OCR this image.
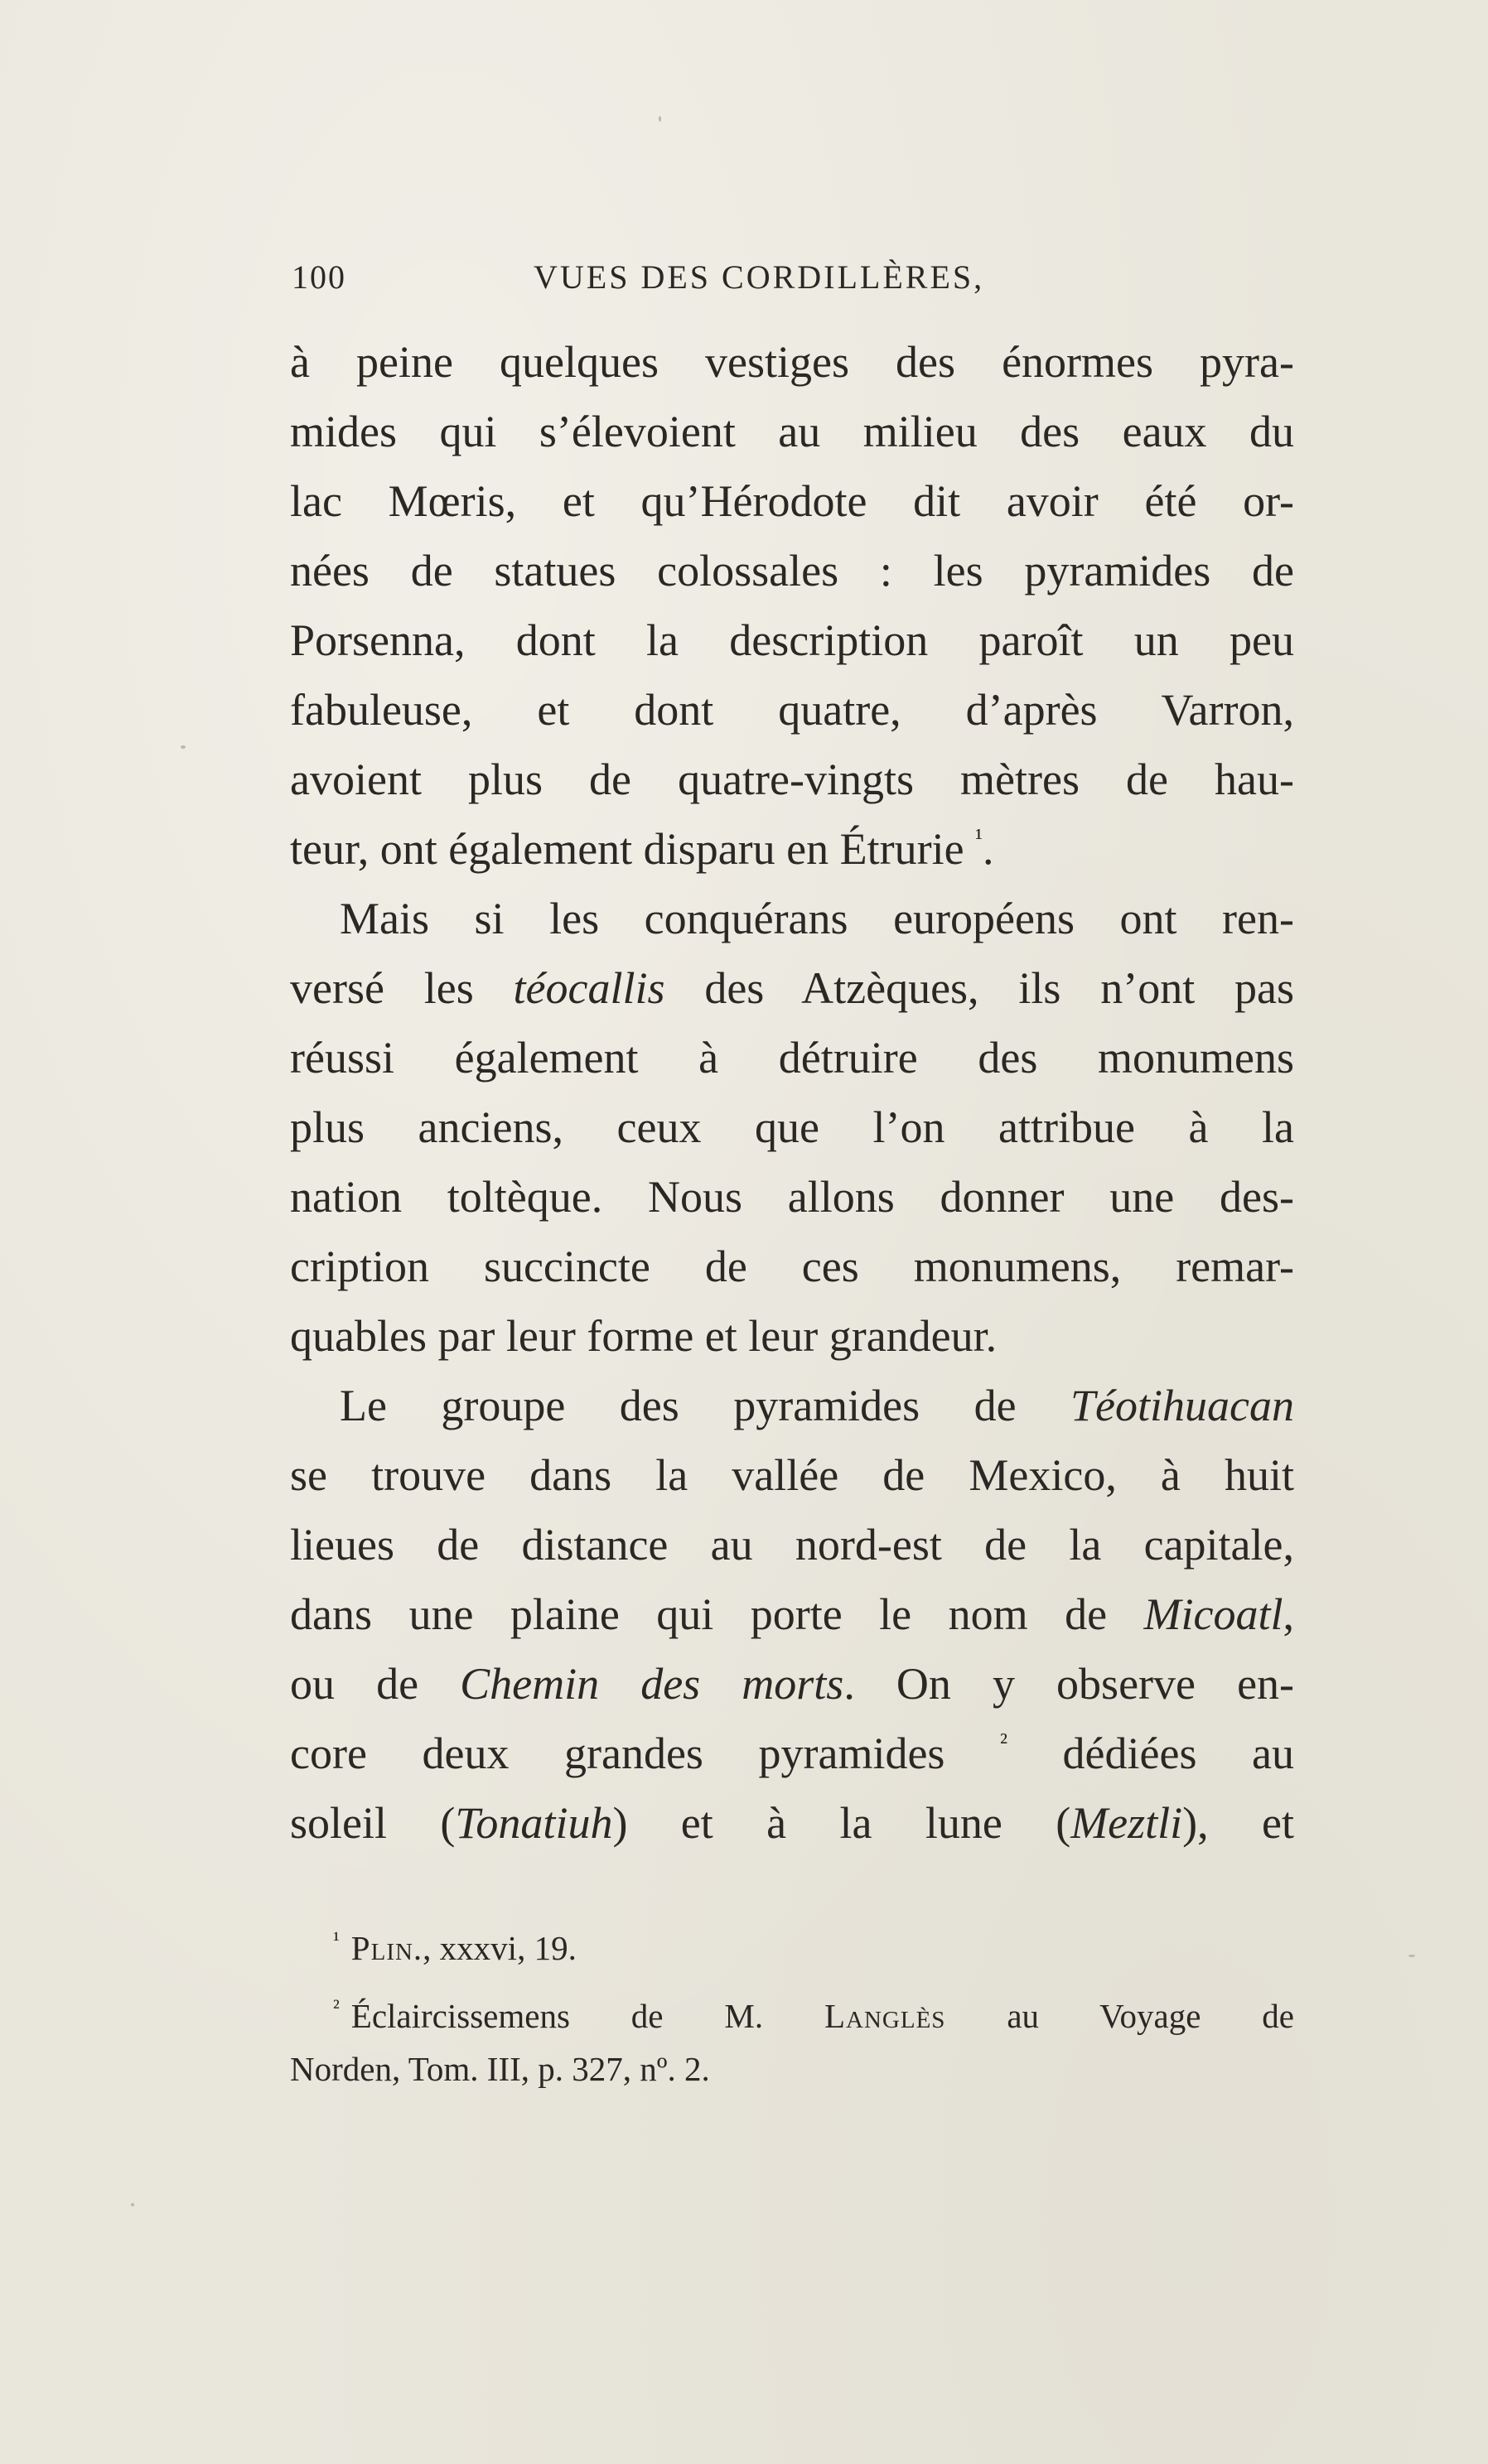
100	VUES DES CORDILLÈRES,
à peine quelques vestiges des énormes pyra-
mides qui s’élevoient au milieu des eaux du
lac Mœris, et qu’Hérodote dit avoir été or-
nées de statues colossales : les pyramides de
Porsenna, dont la description paroît un peu
fabuleuse, et dont quatre, d’après Varron,
avoient plus de quatre-vingts mètres de hau-
teur, ont également disparu en Étrurie $^{^1}$.
Mais si les conquérans européens ont ren-
versé les téocallis des Atzèques, ils n’ont pas
réussi également à détruire des monumens
plus anciens, ceux que l’on attribue à la
nation toltèque. Nous allons donner une des-
cription succincte de ces monumens, remar-
quables par leur forme et leur grandeur.
Le groupe des pyramides de Téotihuacan
se trouve dans la vallée de Mexico, à huit
lieues de distance au nord-est de la capitale,
dans une plaine qui porte le nom de Micoatl,
ou de Chemin des morts. On y observe en-
core deux grandes pyramides $^{^2}$ dédiées au
soleil (Tonatiuh) et à la lune (Meztli), et
$^{^1}$ Plin., xxxvi, 19.
$^{^2}$ Éclaircissemens de M. Langlès au Voyage de
Norden, Tom. III, p. 327, nº. 2.
